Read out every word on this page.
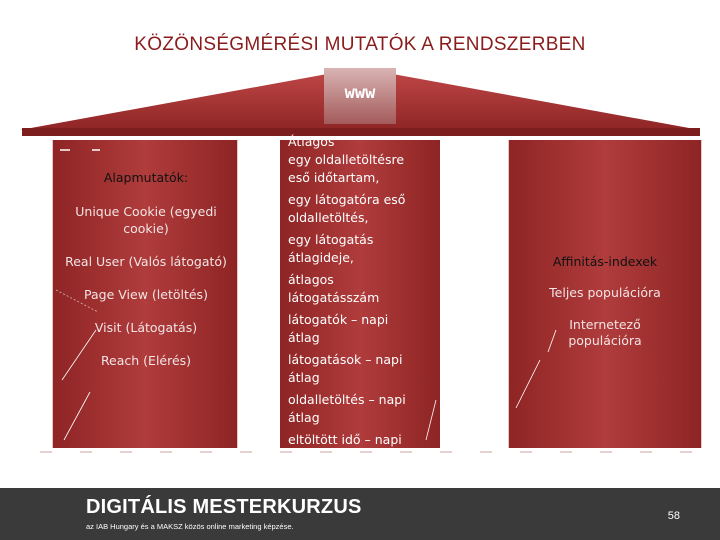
KÖZÖNSÉGMÉRÉSI MUTATÓK A RENDSZERBEN
www
Alapmutatók:
Unique Cookie (egyedi cookie)
Real User (Valós látogató)
Page View (letöltés)
Visit (Látogatás)
Reach (Elérés)
Átlagos
egy oldalletöltésre
eső időtartam,
egy látogatóra eső
oldalletöltés,
egy látogatás
átlagideje,
átlagos
látogatásszám
látogatók – napi
átlag
látogatások – napi
átlag
oldalletöltés – napi
átlag
eltöltött idő – napi
átlag
Affinitás-indexek
Teljes populációra
Internetező populációra
DIGITÁLIS MESTERKURZUS
az IAB Hungary és a MAKSZ közös online marketing képzése.
58
